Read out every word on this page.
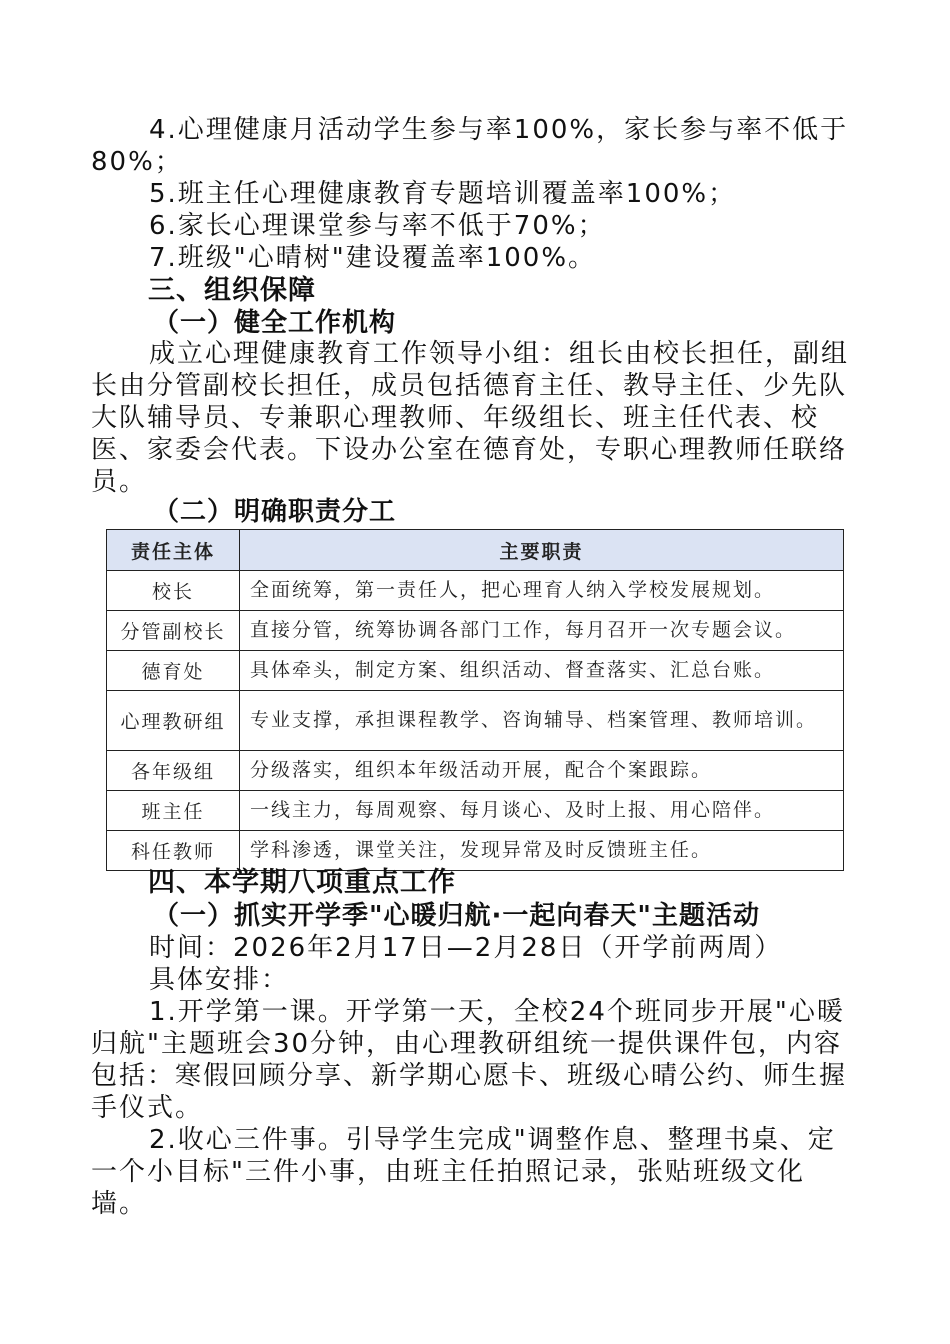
4.心理健康月活动学生参与率100%，家长参与率不低于80%；
5.班主任心理健康教育专题培训覆盖率100%；
6.家长心理课堂参与率不低于70%；
7.班级"心晴树"建设覆盖率100%。
三、组织保障
（一）健全工作机构
成立心理健康教育工作领导小组：组长由校长担任，副组长由分管副校长担任，成员包括德育主任、教导主任、少先队大队辅导员、专兼职心理教师、年级组长、班主任代表、校医、家委会代表。下设办公室在德育处，专职心理教师任联络员。
（二）明确职责分工
责任主体	主要职责
校长	全面统筹，第一责任人，把心理育人纳入学校发展规划。
分管副校长	直接分管，统筹协调各部门工作，每月召开一次专题会议。
德育处	具体牵头，制定方案、组织活动、督查落实、汇总台账。
心理教研组	专业支撑，承担课程教学、咨询辅导、档案管理、教师培训。
各年级组	分级落实，组织本年级活动开展，配合个案跟踪。
班主任	一线主力，每周观察、每月谈心、及时上报、用心陪伴。
科任教师	学科渗透，课堂关注，发现异常及时反馈班主任。
四、本学期八项重点工作
（一）抓实开学季"心暖归航·一起向春天"主题活动
时间：2026年2月17日—2月28日（开学前两周）
具体安排：
1.开学第一课。开学第一天，全校24个班同步开展"心暖归航"主题班会30分钟，由心理教研组统一提供课件包，内容包括：寒假回顾分享、新学期心愿卡、班级心晴公约、师生握手仪式。
2.收心三件事。引导学生完成"调整作息、整理书桌、定一个小目标"三件小事，由班主任拍照记录，张贴班级文化墙。
